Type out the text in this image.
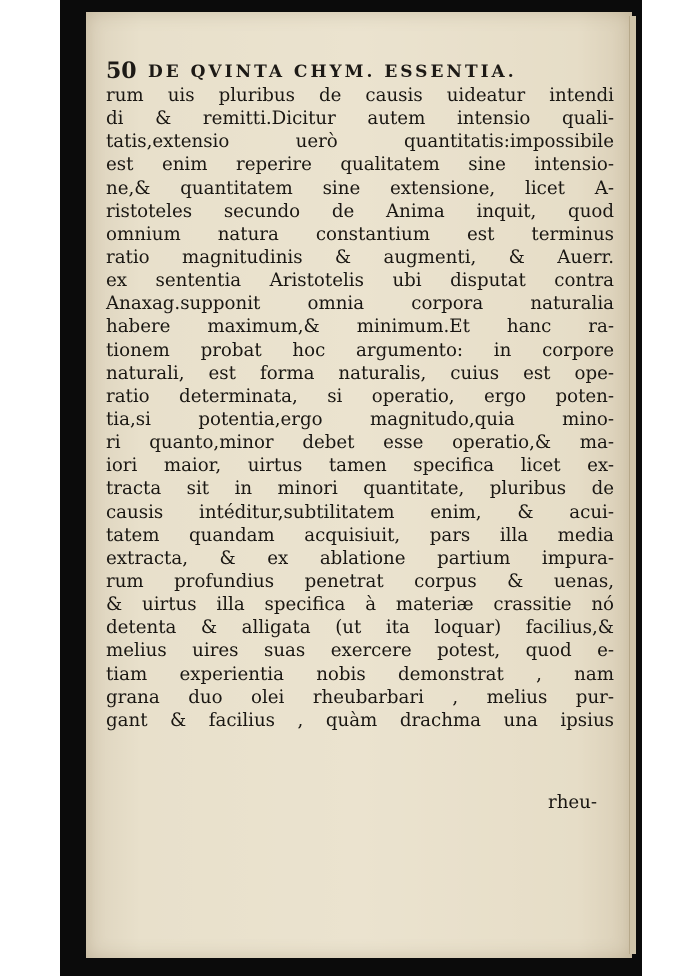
50 DE QVINTA CHYM. ESSENTIA.
rum uis pluribus de causis uideatur intendi
di & remitti.Dicitur autem intensio quali-
tatis,extensio uerò quantitatis:impossibile
est enim reperire qualitatem sine intensio-
ne,& quantitatem sine extensione, licet A-
ristoteles secundo de Anima inquit, quod
omnium natura constantium est terminus
ratio magnitudinis & augmenti, & Auerr.
ex sententia Aristotelis ubi disputat contra
Anaxag.supponit omnia corpora naturalia
habere maximum,& minimum.Et hanc ra-
tionem probat hoc argumento: in corpore
naturali, est forma naturalis, cuius est ope-
ratio determinata, si operatio, ergo poten-
tia,si potentia,ergo magnitudo,quia mino-
ri quanto,minor debet esse operatio,& ma-
iori maior, uirtus tamen specifica licet ex-
tracta sit in minori quantitate, pluribus de
causis intéditur,subtilitatem enim, & acui-
tatem quandam acquisiuit, pars illa media
extracta, & ex ablatione partium impura-
rum profundius penetrat corpus & uenas,
& uirtus illa specifica à materiæ crassitie nó
detenta & alligata (ut ita loquar) facilius,&
melius uires suas exercere potest, quod e-
tiam experientia nobis demonstrat , nam
grana duo olei rheubarbari , melius pur-
gant & facilius , quàm drachma una ipsius
rheu-
